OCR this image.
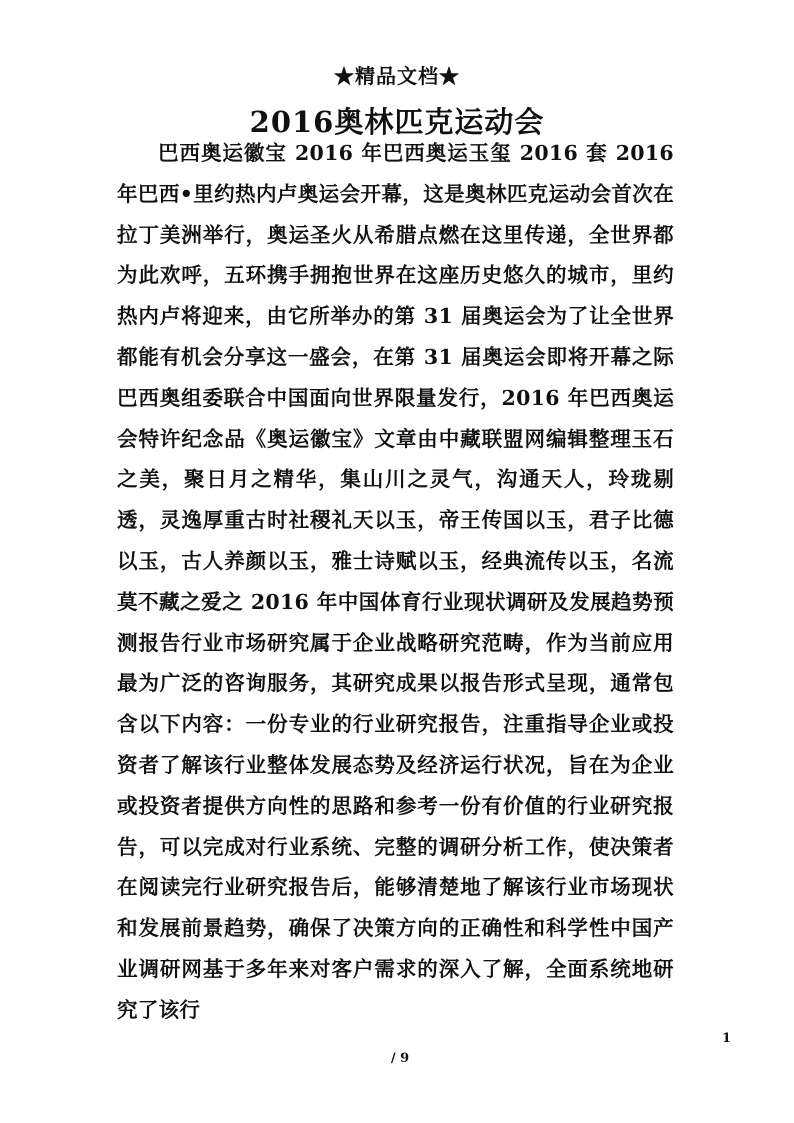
★精品文档★
2016奥林匹克运动会

巴西奥运徽宝 2016 年巴西奥运玉玺 2016 套 2016 年巴西•里约热内卢奥运会开幕，这是奥林匹克运动会首次在拉丁美洲举行，奥运圣火从希腊点燃在这里传递，全世界都为此欢呼，五环携手拥抱世界在这座历史悠久的城市，里约热内卢将迎来，由它所举办的第 31 届奥运会为了让全世界都能有机会分享这一盛会，在第 31 届奥运会即将开幕之际巴西奥组委联合中国面向世界限量发行，2016 年巴西奥运会特许纪念品《奥运徽宝》文章由中藏联盟网编辑整理玉石之美，聚日月之精华，集山川之灵气，沟通天人，玲珑剔透，灵逸厚重古时社稷礼天以玉，帝王传国以玉，君子比德以玉，古人养颜以玉，雅士诗赋以玉，经典流传以玉，名流莫不藏之爱之 2016 年中国体育行业现状调研及发展趋势预测报告行业市场研究属于企业战略研究范畴，作为当前应用最为广泛的咨询服务，其研究成果以报告形式呈现，通常包含以下内容：一份专业的行业研究报告，注重指导企业或投资者了解该行业整体发展态势及经济运行状况，旨在为企业或投资者提供方向性的思路和参考一份有价值的行业研究报告，可以完成对行业系统、完整的调研分析工作，使决策者在阅读完行业研究报告后，能够清楚地了解该行业市场现状和发展前景趋势，确保了决策方向的正确性和科学性中国产业调研网基于多年来对客户需求的深入了解，全面系统地研究了该行

1
/ 9
